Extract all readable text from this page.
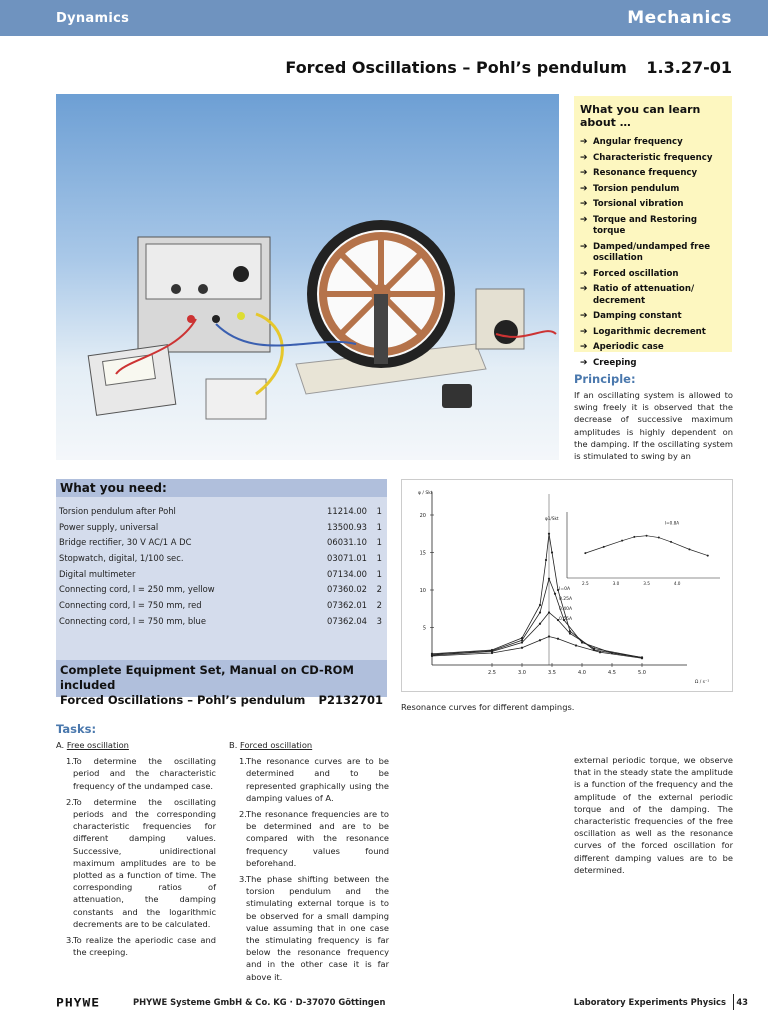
Dynamics	Mechanics
Forced Oscillations – Pohl’s pendulum 1.3.27-01
What you can learn about …
➔ Angular frequency
➔ Characteristic frequency
➔ Resonance frequency
➔ Torsion pendulum
➔ Torsional vibration
➔ Torque and Restoring torque
➔ Damped/undamped free oscillation
➔ Forced oscillation
➔ Ratio of attenuation/ decrement
➔ Damping constant
➔ Logarithmic decrement
➔ Aperiodic case
➔ Creeping
Principle:
If an oscillating system is allowed to swing freely it is observed that the decrease of successive maximum amplitudes is highly dependent on the damping. If the oscillating system is stimulated to swing by an
What you need:
Torsion pendulum after Pohl	11214.00	1
Power supply, universal	13500.93	1
Bridge rectifier, 30 V AC/1 A DC	06031.10	1
Stopwatch, digital, 1/100 sec.	03071.01	1
Digital multimeter	07134.00	1
Connecting cord, l = 250 mm, yellow	07360.02	2
Connecting cord, l = 750 mm, red	07362.01	2
Connecting cord, l = 750 mm, blue	07362.04	3
Complete Equipment Set, Manual on CD-ROM included
Forced Oscillations – Pohl’s pendulum P2132701
φ / Skt
Ω / s⁻¹
2.5	3.0	3.5	4.0	4.5	5.0
5
10
15
20
I=0A
0.25A
0.40A
0.55A
φ1/Skt
2.5	3.0	3.5	4.0
I=0.8A
Resonance curves for different dampings.
Tasks:
A. Free oscillation
1. To determine the oscillating period and the characteristic frequency of the undamped case.
2. To determine the oscillating periods and the corresponding characteristic frequencies for different damping values. Successive, unidirectional maximum amplitudes are to be plotted as a function of time. The corresponding ratios of attenuation, the damping constants and the logarithmic decrements are to be calculated.
3. To realize the aperiodic case and the creeping.
B. Forced oscillation
1. The resonance curves are to be determined and to be represented graphically using the damping values of A.
2. The resonance frequencies are to be determined and are to be compared with the resonance frequency values found beforehand.
3. The phase shifting between the torsion pendulum and the stimulating external torque is to be observed for a small damping value assuming that in one case the stimulating frequency is far below the resonance frequency and in the other case it is far above it.
external periodic torque, we observe that in the steady state the amplitude is a function of the frequency and the amplitude of the external periodic torque and of the damping. The characteristic frequencies of the free oscillation as well as the resonance curves of the forced oscillation for different damping values are to be determined.
PHYWE	PHYWE Systeme GmbH & Co. KG · D-37070 Göttingen	Laboratory Experiments Physics 43
